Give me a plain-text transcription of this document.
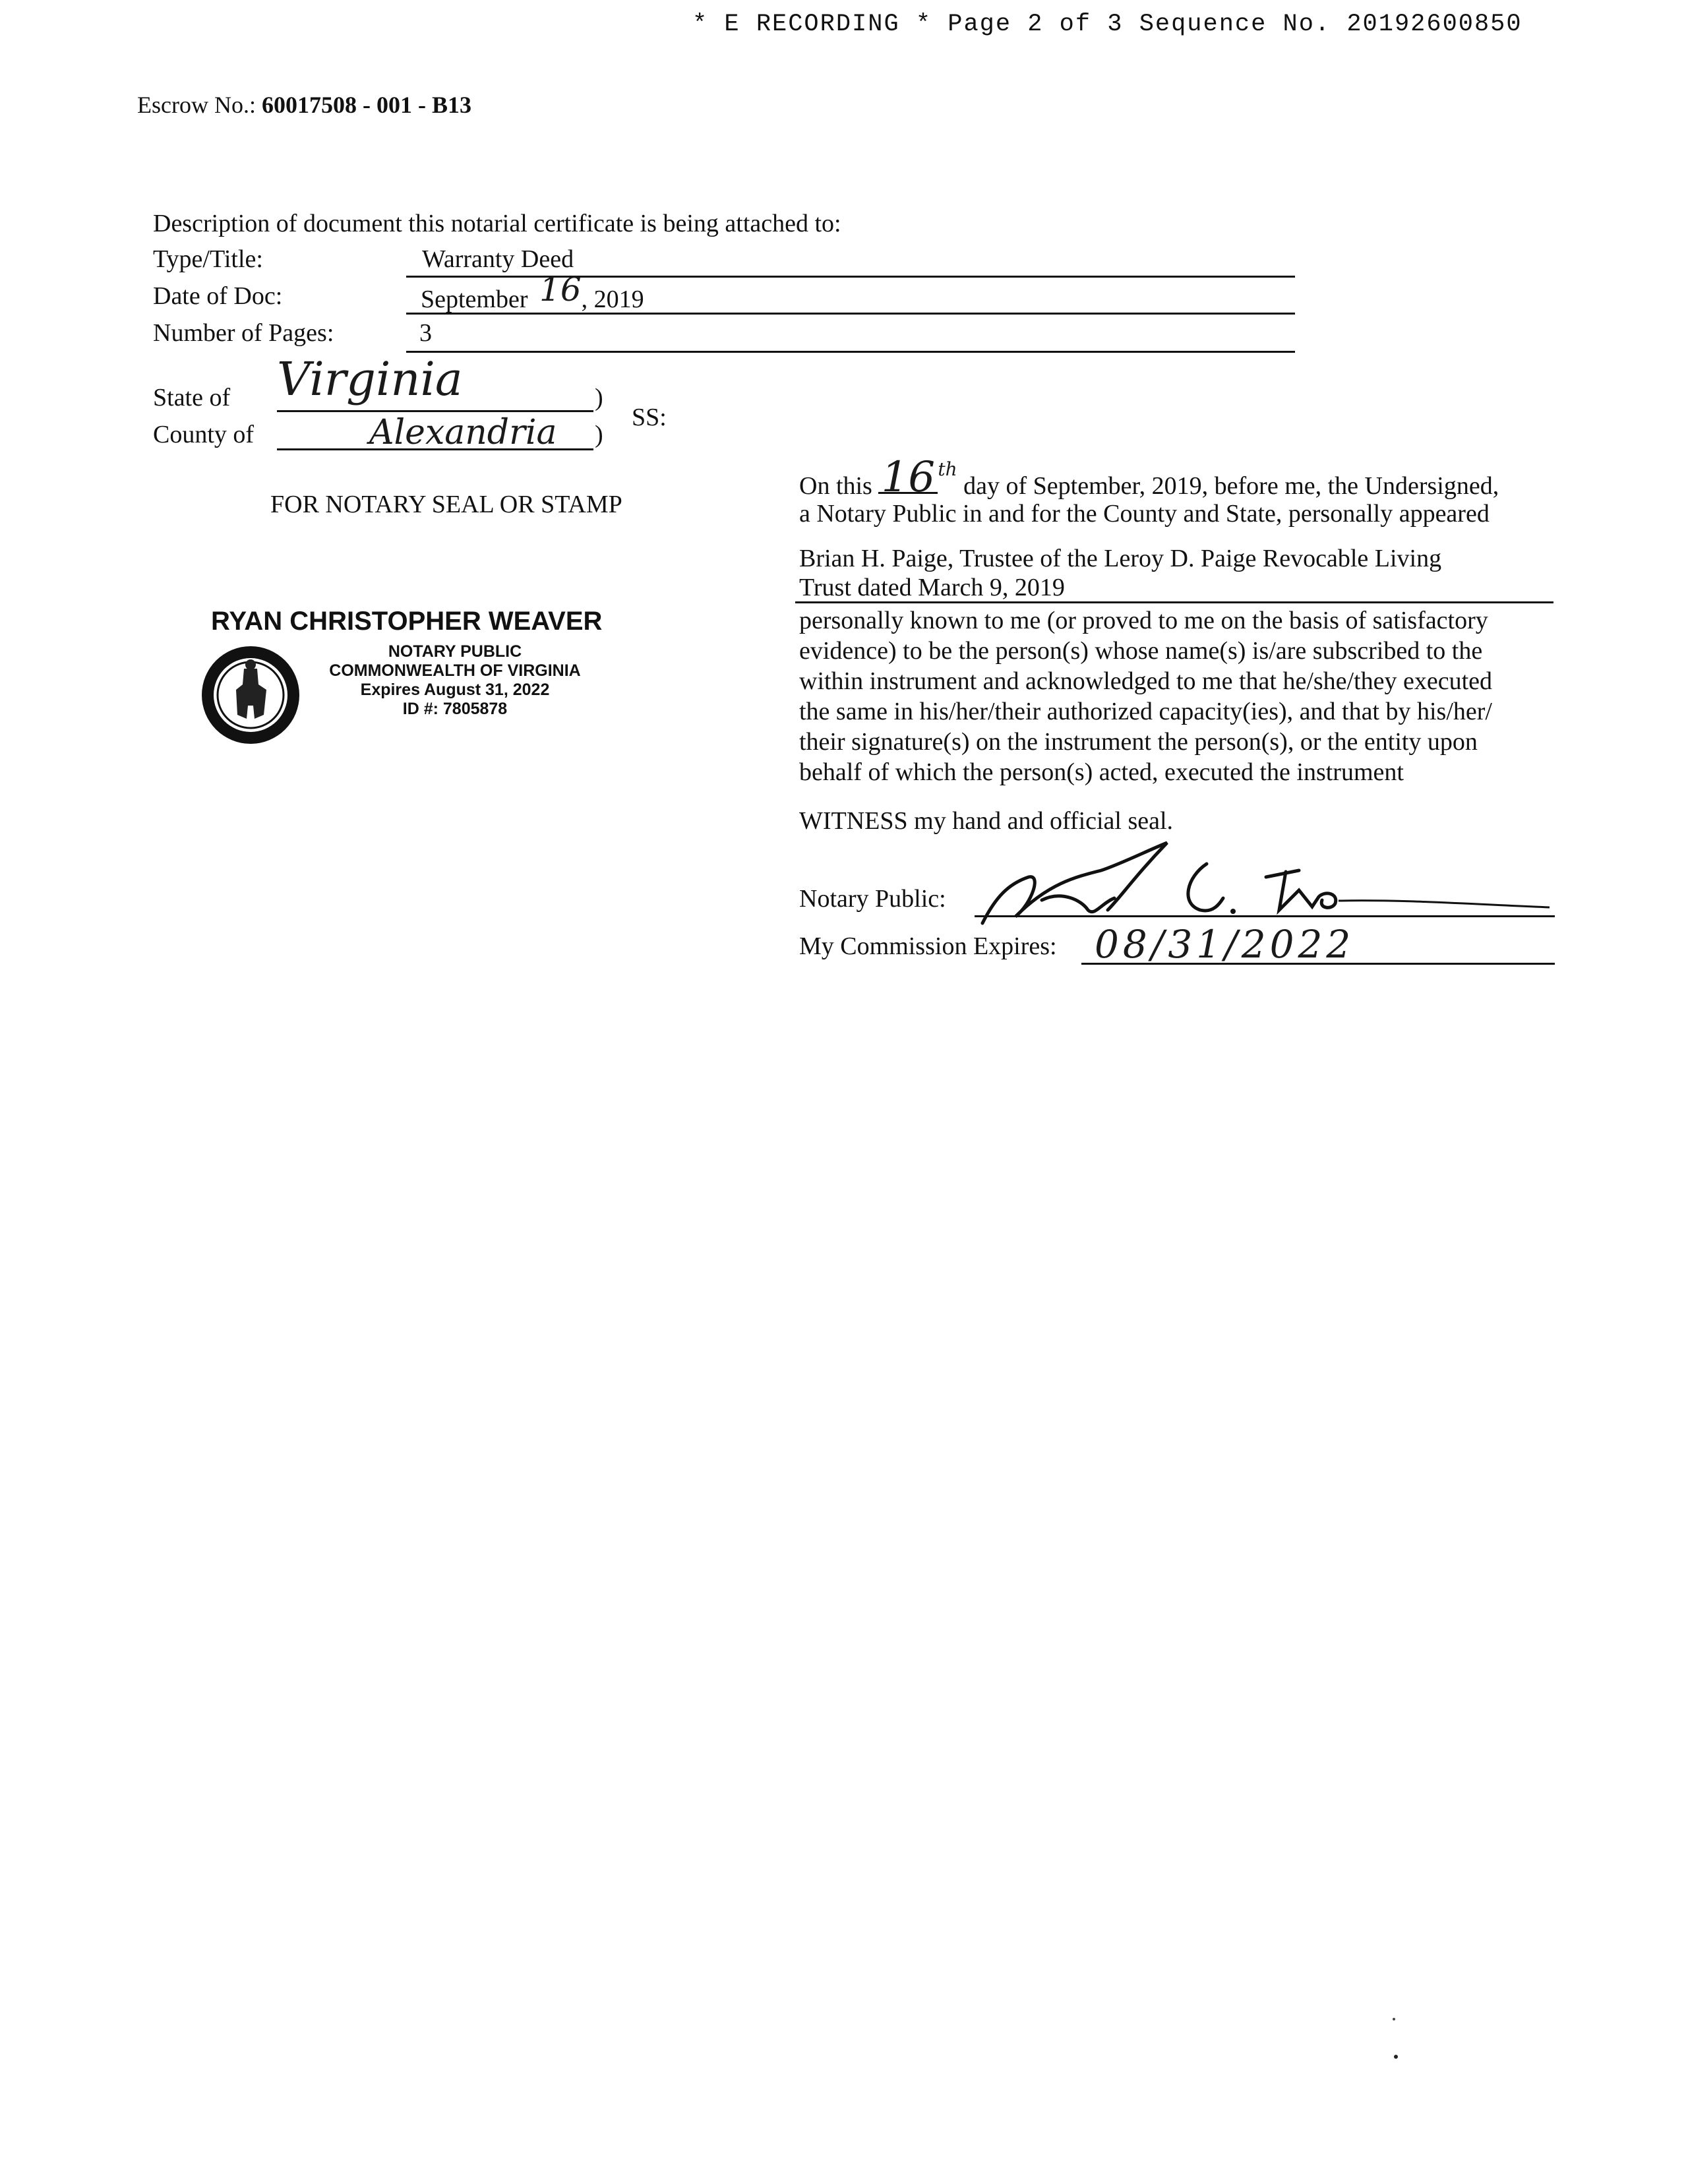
* E RECORDING * Page 2 of 3 Sequence No. 20192600850
Escrow No.: 60017508 - 001 - B13
Description of document this notarial certificate is being attached to:
Type/Title:	Warranty Deed
Date of Doc:	September 16, 2019
Number of Pages:	3
State of Virginia	)
County of	Alexandria )
SS:
FOR NOTARY SEAL OR STAMP
RYAN CHRISTOPHER WEAVER
NOTARY PUBLIC
COMMONWEALTH OF VIRGINIA
Expires August 31, 2022
ID #: 7805878
On this 16 $^{th}$ day of September, 2019, before me, the Undersigned,
a Notary Public in and for the County and State, personally appeared
Brian H. Paige, Trustee of the Leroy D. Paige Revocable Living
Trust dated March 9, 2019
personally known to me (or proved to me on the basis of satisfactory
evidence) to be the person(s) whose name(s) is/are subscribed to the
within instrument and acknowledged to me that he/she/they executed
the same in his/her/their authorized capacity(ies), and that by his/her/
their signature(s) on the instrument the person(s), or the entity upon
behalf of which the person(s) acted, executed the instrument
WITNESS my hand and official seal.
Notary Public:
My Commission Expires: 08/31/2022
